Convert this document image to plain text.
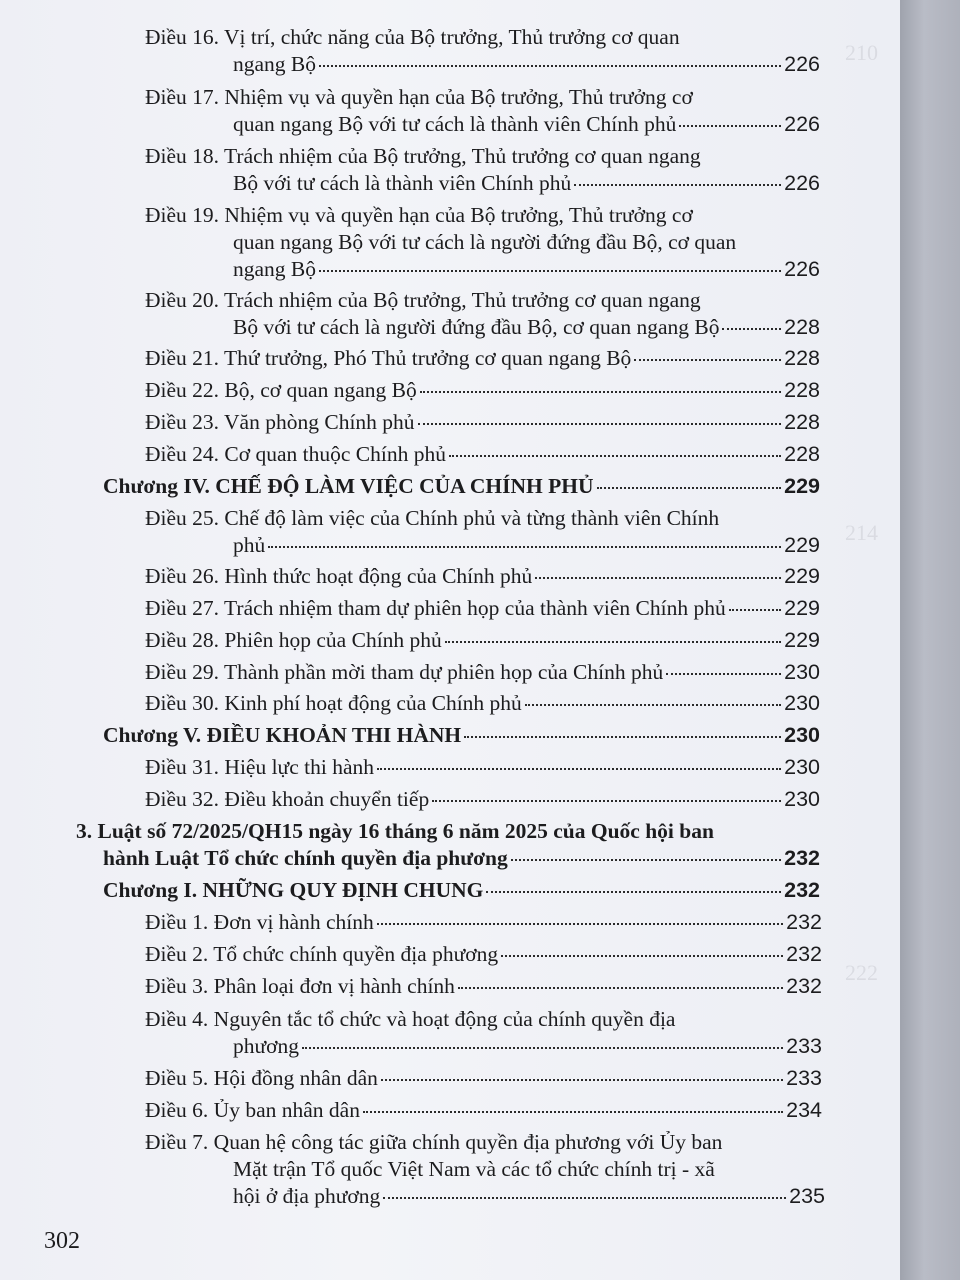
210
214
222
Điều 16. Vị trí, chức năng của Bộ trưởng, Thủ trưởng cơ quan
ngang Bộ	226
Điều 17. Nhiệm vụ và quyền hạn của Bộ trưởng, Thủ trưởng cơ
quan ngang Bộ với tư cách là thành viên Chính phủ	226
Điều 18. Trách nhiệm của Bộ trưởng, Thủ trưởng cơ quan ngang
Bộ với tư cách là thành viên Chính phủ	226
Điều 19. Nhiệm vụ và quyền hạn của Bộ trưởng, Thủ trưởng cơ
quan ngang Bộ với tư cách là người đứng đầu Bộ, cơ quan
ngang Bộ	226
Điều 20. Trách nhiệm của Bộ trưởng, Thủ trưởng cơ quan ngang
Bộ với tư cách là người đứng đầu Bộ, cơ quan ngang Bộ	228
Điều 21. Thứ trưởng, Phó Thủ trưởng cơ quan ngang Bộ	228
Điều 22. Bộ, cơ quan ngang Bộ	228
Điều 23. Văn phòng Chính phủ	228
Điều 24. Cơ quan thuộc Chính phủ	228
Chương IV. CHẾ ĐỘ LÀM VIỆC CỦA CHÍNH PHỦ	229
Điều 25. Chế độ làm việc của Chính phủ và từng thành viên Chính
phủ	229
Điều 26. Hình thức hoạt động của Chính phủ	229
Điều 27. Trách nhiệm tham dự phiên họp của thành viên Chính phủ	229
Điều 28. Phiên họp của Chính phủ	229
Điều 29. Thành phần mời tham dự phiên họp của Chính phủ	230
Điều 30. Kinh phí hoạt động của Chính phủ	230
Chương V. ĐIỀU KHOẢN THI HÀNH	230
Điều 31. Hiệu lực thi hành	230
Điều 32. Điều khoản chuyển tiếp	230
3. Luật số 72/2025/QH15 ngày 16 tháng 6 năm 2025 của Quốc hội ban
hành Luật Tổ chức chính quyền địa phương	232
Chương I. NHỮNG QUY ĐỊNH CHUNG	232
Điều 1. Đơn vị hành chính	232
Điều 2. Tổ chức chính quyền địa phương	232
Điều 3. Phân loại đơn vị hành chính	232
Điều 4. Nguyên tắc tổ chức và hoạt động của chính quyền địa
phương	233
Điều 5. Hội đồng nhân dân	233
Điều 6. Ủy ban nhân dân	234
Điều 7. Quan hệ công tác giữa chính quyền địa phương với Ủy ban
Mặt trận Tổ quốc Việt Nam và các tổ chức chính trị - xã
hội ở địa phương	235
302
